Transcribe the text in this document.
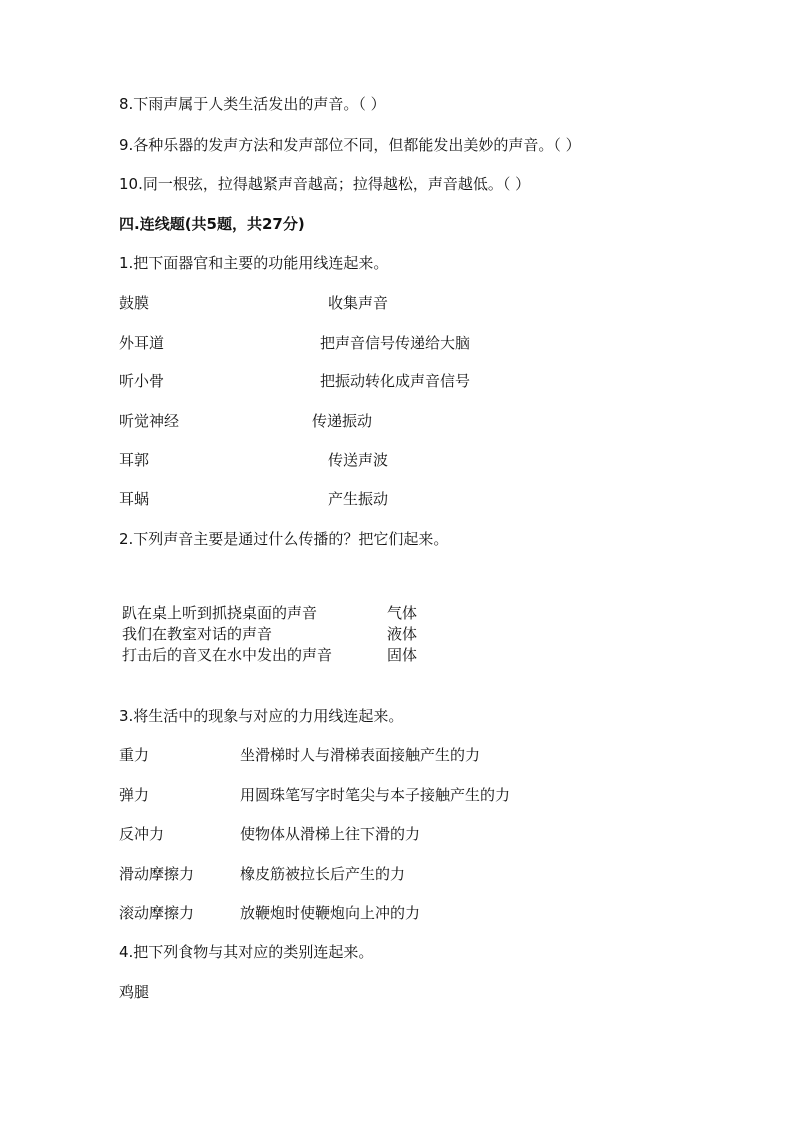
8.下雨声属于人类生活发出的声音。（ ）
9.各种乐器的发声方法和发声部位不同，但都能发出美妙的声音。（ ）
10.同一根弦，拉得越紧声音越高；拉得越松，声音越低。（ ）
四.连线题(共5题，共27分)
1.把下面器官和主要的功能用线连起来。
鼓膜	收集声音
外耳道	把声音信号传递给大脑
听小骨	把振动转化成声音信号
听觉神经	传递振动
耳郭	传送声波
耳蜗	产生振动
2.下列声音主要是通过什么传播的？把它们起来。
趴在桌上听到抓挠桌面的声音	气体
我们在教室对话的声音	液体
打击后的音叉在水中发出的声音	固体
3.将生活中的现象与对应的力用线连起来。
重力	坐滑梯时人与滑梯表面接触产生的力
弹力	用圆珠笔写字时笔尖与本子接触产生的力
反冲力	使物体从滑梯上往下滑的力
滑动摩擦力	橡皮筋被拉长后产生的力
滚动摩擦力	放鞭炮时使鞭炮向上冲的力
4.把下列食物与其对应的类别连起来。
鸡腿
